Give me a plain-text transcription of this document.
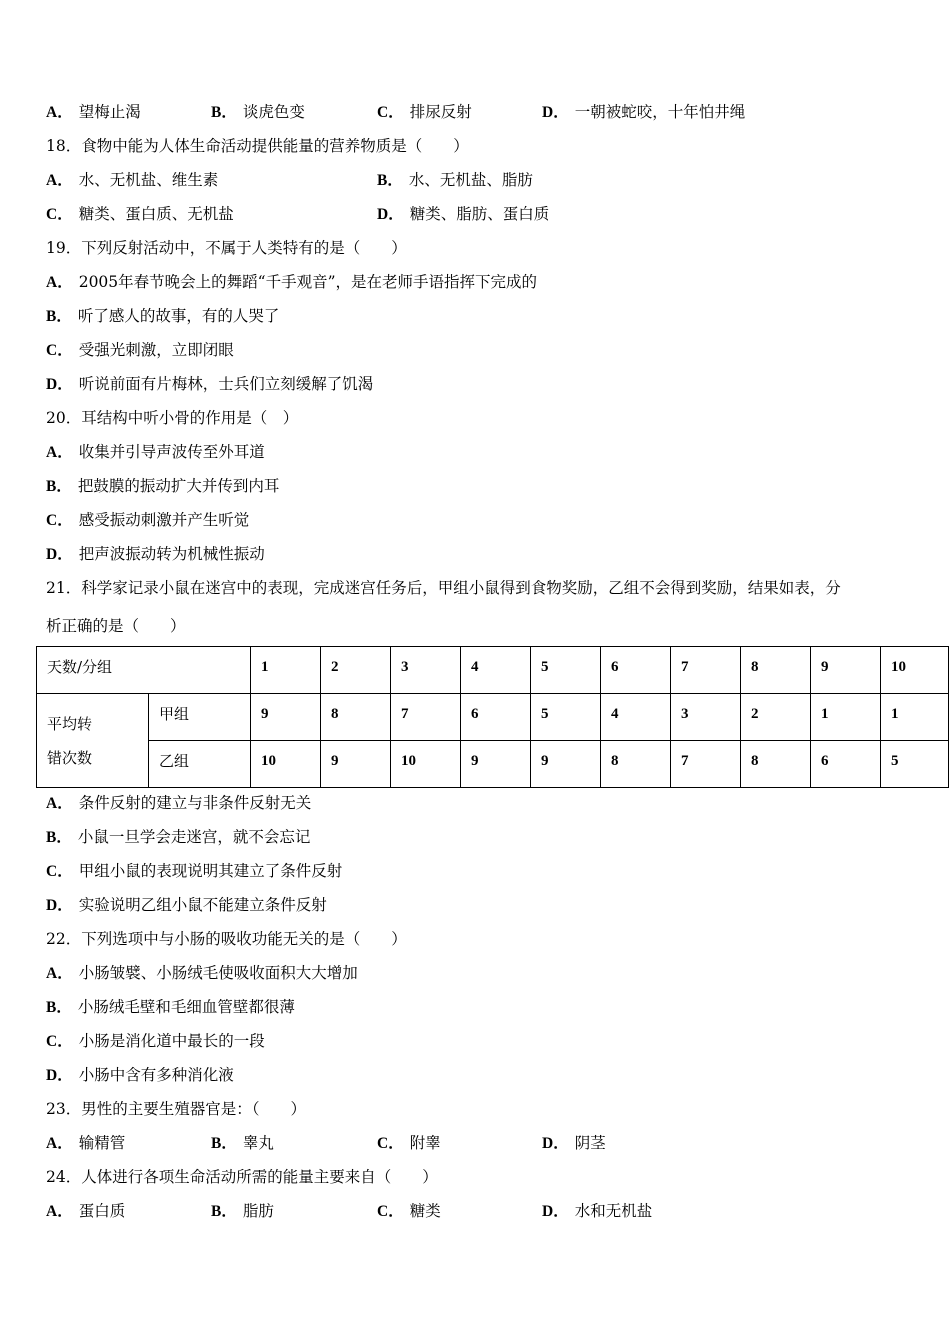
A． 望梅止渴	B． 谈虎色变	C． 排尿反射	D． 一朝被蛇咬，十年怕井绳
18．食物中能为人体生命活动提供能量的营养物质是（　　）
A． 水、无机盐、维生素	B． 水、无机盐、脂肪
C． 糖类、蛋白质、无机盐	D． 糖类、脂肪、蛋白质
19．下列反射活动中，不属于人类特有的是（　　）
A． 2005年春节晚会上的舞蹈“千手观音”，是在老师手语指挥下完成的
B． 听了感人的故事，有的人哭了
C． 受强光刺激，立即闭眼
D． 听说前面有片梅林，士兵们立刻缓解了饥渴
20．耳结构中听小骨的作用是（　）
A． 收集并引导声波传至外耳道
B． 把鼓膜的振动扩大并传到内耳
C． 感受振动刺激并产生听觉
D． 把声波振动转为机械性振动
21．科学家记录小鼠在迷宫中的表现，完成迷宫任务后，甲组小鼠得到食物奖励，乙组不会得到奖励，结果如表，分
析正确的是（　　）
天数/分组		1	2	3	4	5	6	7	8	9	10

平均转
错次数	甲组	9	8	7	6	5	4	3	2	1	1

	乙组	10	9	10	9	9	8	7	8	6	5
A． 条件反射的建立与非条件反射无关
B． 小鼠一旦学会走迷宫，就不会忘记
C． 甲组小鼠的表现说明其建立了条件反射
D． 实验说明乙组小鼠不能建立条件反射
22．下列选项中与小肠的吸收功能无关的是（　　）
A． 小肠皱襞、小肠绒毛使吸收面积大大增加
B． 小肠绒毛壁和毛细血管壁都很薄
C． 小肠是消化道中最长的一段
D． 小肠中含有多种消化液
23．男性的主要生殖器官是：（　　）
A． 输精管	B． 睾丸	C． 附睾	D． 阴茎
24．人体进行各项生命活动所需的能量主要来自（　　）
A． 蛋白质	B． 脂肪	C． 糖类	D． 水和无机盐
